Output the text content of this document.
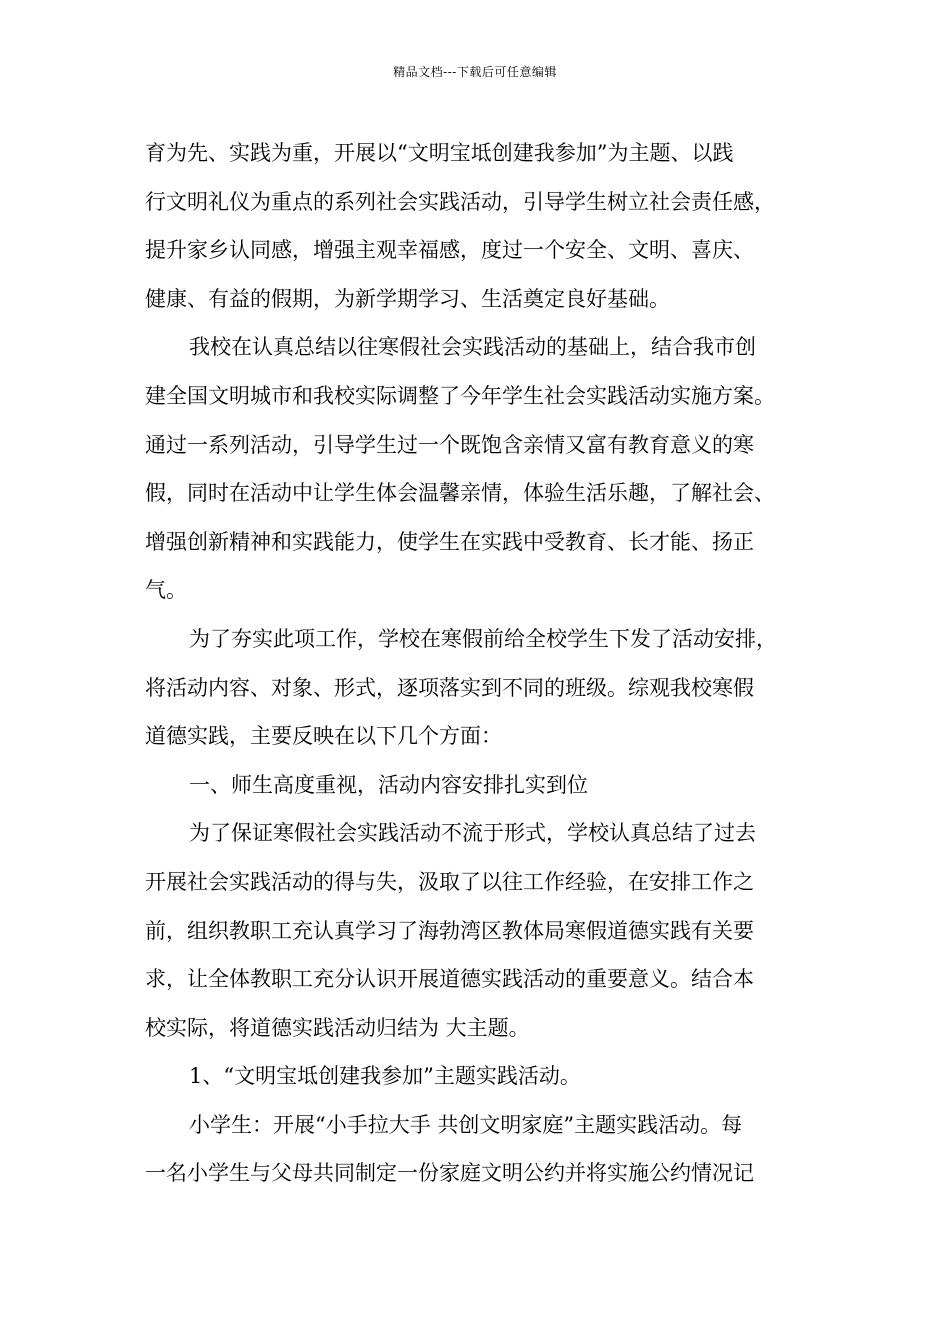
精品文档---下载后可任意编辑
育为先、实践为重，开展以“文明宝坻创建我参加”为主题、以践
行文明礼仪为重点的系列社会实践活动，引导学生树立社会责任感，
提升家乡认同感，增强主观幸福感，度过一个安全、文明、喜庆、
健康、有益的假期，为新学期学习、生活奠定良好基础。
我校在认真总结以往寒假社会实践活动的基础上，结合我市创
建全国文明城市和我校实际调整了今年学生社会实践活动实施方案。
通过一系列活动，引导学生过一个既饱含亲情又富有教育意义的寒
假，同时在活动中让学生体会温馨亲情，体验生活乐趣，了解社会、
增强创新精神和实践能力，使学生在实践中受教育、长才能、扬正
气。
为了夯实此项工作，学校在寒假前给全校学生下发了活动安排，
将活动内容、对象、形式，逐项落实到不同的班级。综观我校寒假
道德实践，主要反映在以下几个方面：
一、师生高度重视，活动内容安排扎实到位
为了保证寒假社会实践活动不流于形式，学校认真总结了过去
开展社会实践活动的得与失，汲取了以往工作经验，在安排工作之
前，组织教职工充认真学习了海勃湾区教体局寒假道德实践有关要
求，让全体教职工充分认识开展道德实践活动的重要意义。结合本
校实际，将道德实践活动归结为 大主题。
1、“文明宝坻创建我参加”主题实践活动。
小学生：开展“小手拉大手 共创文明家庭”主题实践活动。每
一名小学生与父母共同制定一份家庭文明公约并将实施公约情况记
